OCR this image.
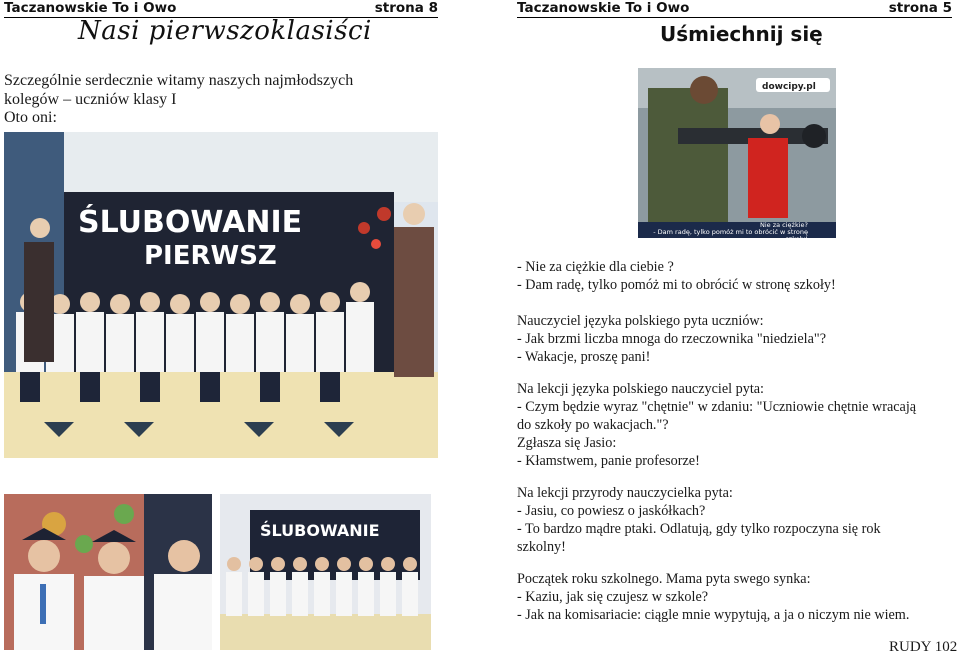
Taczanowskie To i Owo	strona 8
Nasi pierwszoklasiści
Szczególnie serdecznie witamy naszych najmłodszych
kolegów – uczniów klasy I
Oto oni:
ŚLUBOWANIE
PIERWSZ
ŚLUBOWANIE
Taczanowskie To i Owo	strona 5
Uśmiechnij się
dowcipy.pl
Nie za ciężkie?
- Dam radę, tylko pomóż mi to obrócić w stronę szkoły!
- Nie za ciężkie dla ciebie ?
- Dam radę, tylko pomóż mi to obrócić w stronę szkoły!
Nauczyciel języka polskiego pyta uczniów:
- Jak brzmi liczba mnoga do rzeczownika "niedziela"?
- Wakacje, proszę pani!
Na lekcji języka polskiego nauczyciel pyta:
- Czym będzie wyraz "chętnie" w zdaniu: "Uczniowie chętnie wracają
do szkoły po wakacjach."?
Zgłasza się Jasio:
- Kłamstwem, panie profesorze!
Na lekcji przyrody nauczycielka pyta:
- Jasiu, co powiesz o jaskółkach?
- To bardzo mądre ptaki. Odlatują, gdy tylko rozpoczyna się rok
szkolny!
Początek roku szkolnego. Mama pyta swego synka:
- Kaziu, jak się czujesz w szkole?
- Jak na komisariacie: ciągle mnie wypytują, a ja o niczym nie wiem.
RUDY 102
